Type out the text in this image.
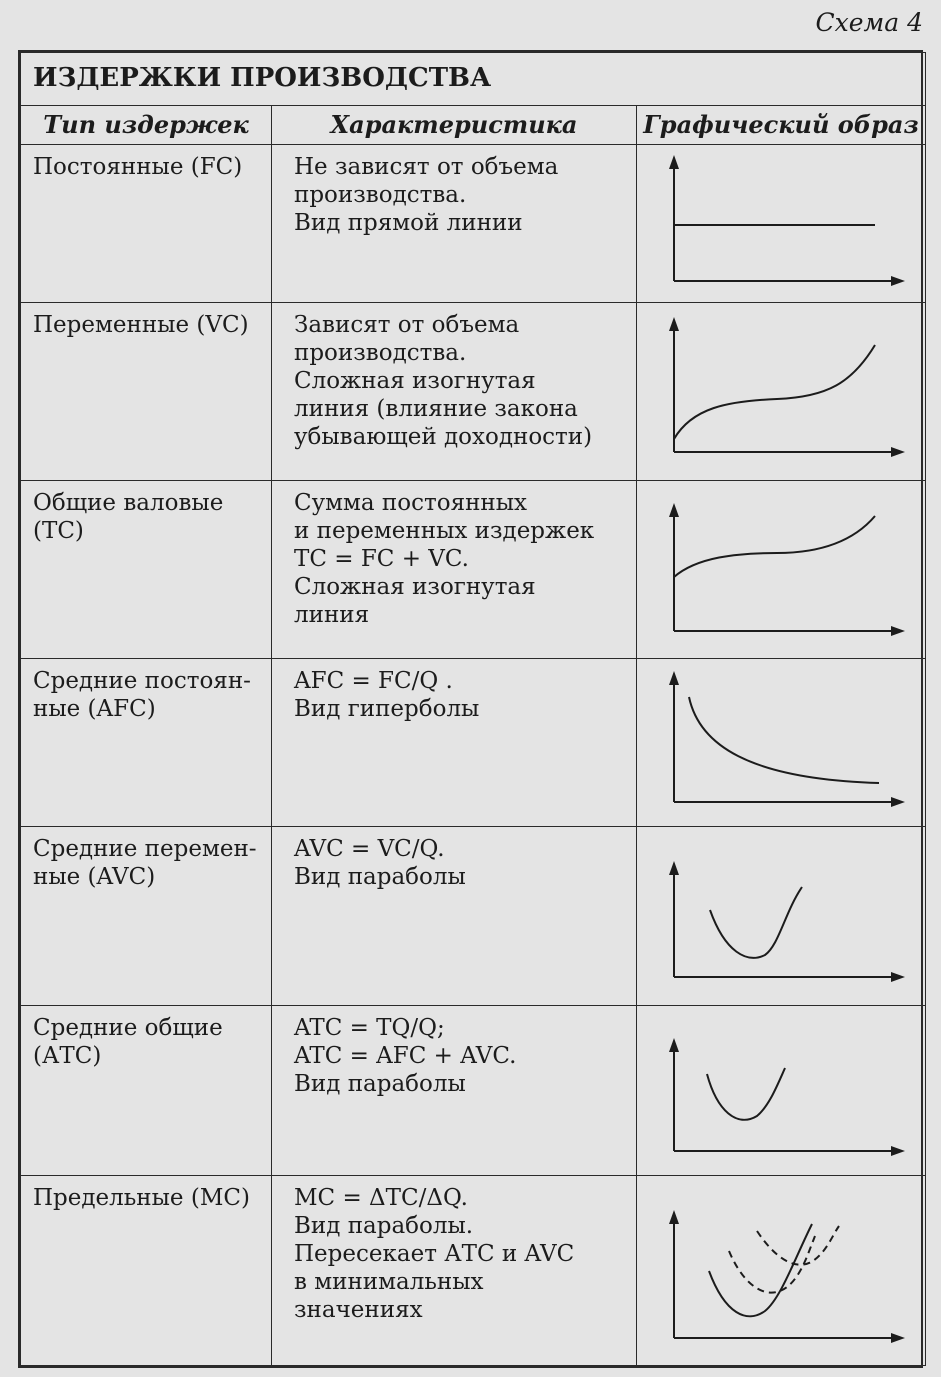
Схема 4
ИЗДЕРЖКИ ПРОИЗВОДСТВА		
Тип издержек	Характеристика	Графический образ

Постоянные (FC)	Не зависят от объема
производства.
Вид прямой линии

Переменные (VC)	Зависят от объема
производства.
Сложная изогнутая
линия (влияние закона
убывающей доходности)

Общие валовые
(ТС)	Сумма постоянных
и переменных издержек
TC = FC + VC.
Сложная изогнутая
линия

Средние постоян-
ные (AFC)	AFC = FC/Q .
Вид гиперболы

Средние перемен-
ные (AVC)	AVC = VC/Q.
Вид параболы

Средние общие
(АТС)	ATC = TQ/Q;
ATC = AFC + AVC.
Вид параболы

Предельные (МС)	MC = ΔTC/ΔQ.
Вид параболы.
Пересекает АТС и AVC
в минимальных
значениях
